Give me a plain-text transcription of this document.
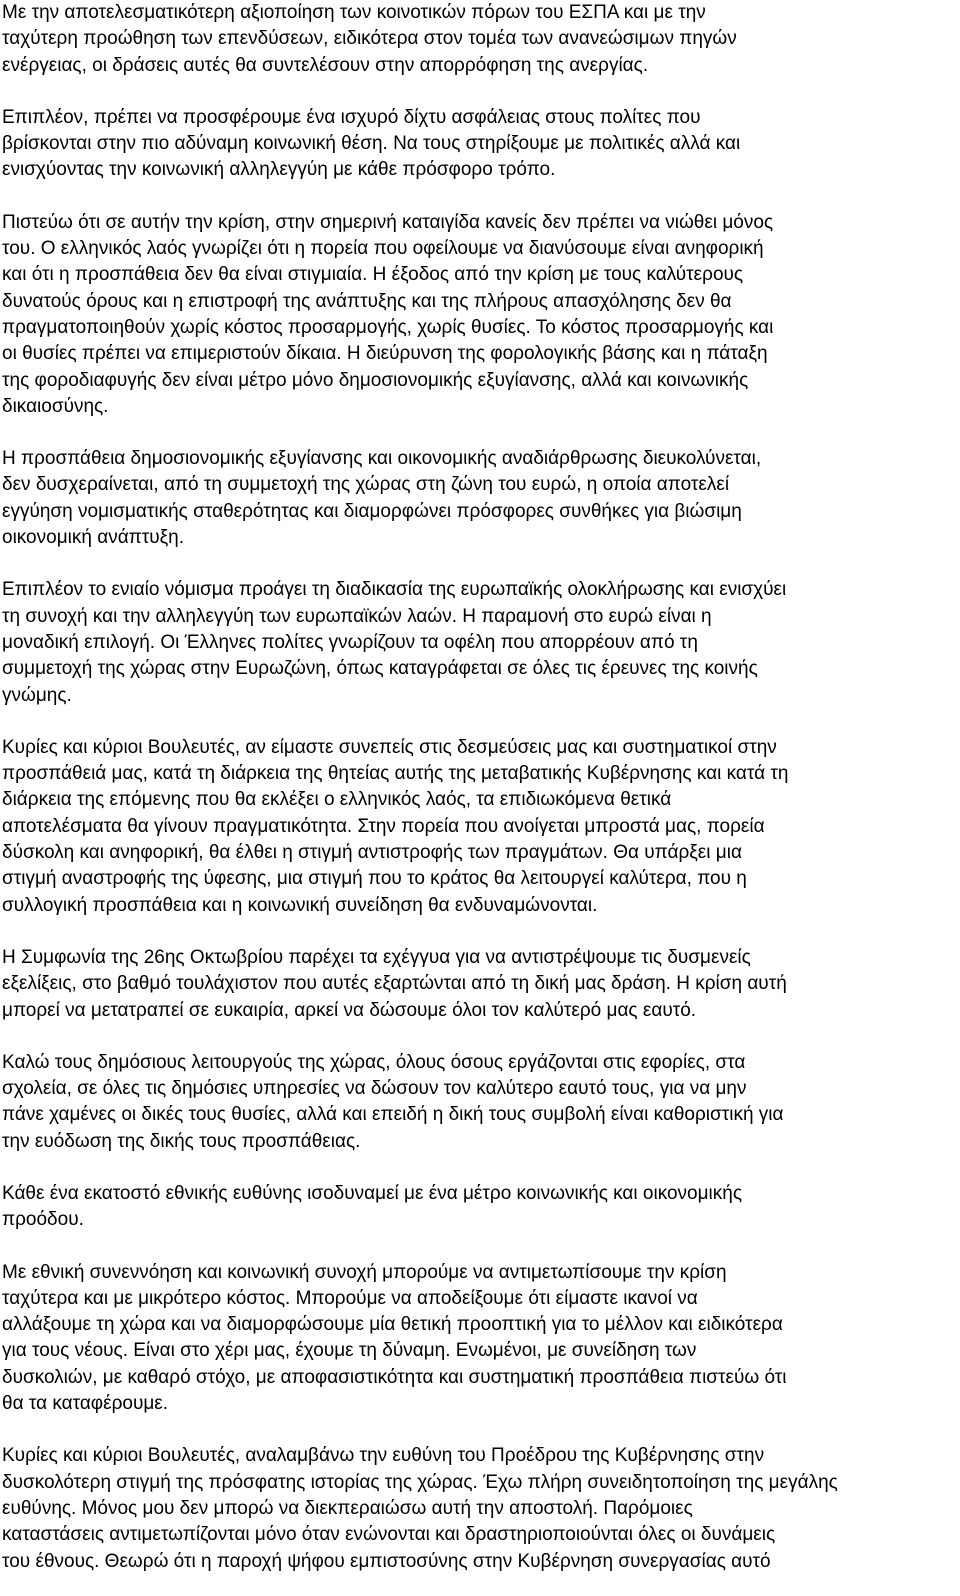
Με την αποτελεσματικότερη αξιοποίηση των κοινοτικών πόρων του ΕΣΠΑ και με την
ταχύτερη προώθηση των επενδύσεων, ειδικότερα στον τομέα των ανανεώσιμων πηγών
ενέργειας, οι δράσεις αυτές θα συντελέσουν στην απορρόφηση της ανεργίας.

Επιπλέον, πρέπει να προσφέρουμε ένα ισχυρό δίχτυ ασφάλειας στους πολίτες που
βρίσκονται στην πιο αδύναμη κοινωνική θέση. Να τους στηρίξουμε με πολιτικές αλλά και
ενισχύοντας την κοινωνική αλληλεγγύη με κάθε πρόσφορο τρόπο.

Πιστεύω ότι σε αυτήν την κρίση, στην σημερινή καταιγίδα κανείς δεν πρέπει να νιώθει μόνος
του. Ο ελληνικός λαός γνωρίζει ότι η πορεία που οφείλουμε να διανύσουμε είναι ανηφορική
και ότι η προσπάθεια δεν θα είναι στιγμιαία. Η έξοδος από την κρίση με τους καλύτερους
δυνατούς όρους και η επιστροφή της ανάπτυξης και της πλήρους απασχόλησης δεν θα
πραγματοποιηθούν χωρίς κόστος προσαρμογής, χωρίς θυσίες. Το κόστος προσαρμογής και
οι θυσίες πρέπει να επιμεριστούν δίκαια. Η διεύρυνση της φορολογικής βάσης και η πάταξη
της φοροδιαφυγής δεν είναι μέτρο μόνο δημοσιονομικής εξυγίανσης, αλλά και κοινωνικής
δικαιοσύνης.

Η προσπάθεια δημοσιονομικής εξυγίανσης και οικονομικής αναδιάρθρωσης διευκολύνεται,
δεν δυσχεραίνεται, από τη συμμετοχή της χώρας στη ζώνη του ευρώ, η οποία αποτελεί
εγγύηση νομισματικής σταθερότητας και διαμορφώνει πρόσφορες συνθήκες για βιώσιμη
οικονομική ανάπτυξη.

Επιπλέον το ενιαίο νόμισμα προάγει τη διαδικασία της ευρωπαϊκής ολοκλήρωσης και ενισχύει
τη συνοχή και την αλληλεγγύη των ευρωπαϊκών λαών. Η παραμονή στο ευρώ είναι η
μοναδική επιλογή. Οι Έλληνες πολίτες γνωρίζουν τα οφέλη που απορρέουν από τη
συμμετοχή της χώρας στην Ευρωζώνη, όπως καταγράφεται σε όλες τις έρευνες της κοινής
γνώμης.

Κυρίες και κύριοι Βουλευτές, αν είμαστε συνεπείς στις δεσμεύσεις μας και συστηματικοί στην
προσπάθειά μας, κατά τη διάρκεια της θητείας αυτής της μεταβατικής Κυβέρνησης και κατά τη
διάρκεια της επόμενης που θα εκλέξει ο ελληνικός λαός, τα επιδιωκόμενα θετικά
αποτελέσματα θα γίνουν πραγματικότητα. Στην πορεία που ανοίγεται μπροστά μας, πορεία
δύσκολη και ανηφορική, θα έλθει η στιγμή αντιστροφής των πραγμάτων. Θα υπάρξει μια
στιγμή αναστροφής της ύφεσης, μια στιγμή που το κράτος θα λειτουργεί καλύτερα, που η
συλλογική προσπάθεια και η κοινωνική συνείδηση θα ενδυναμώνονται.

Η Συμφωνία της 26ης Οκτωβρίου παρέχει τα εχέγγυα για να αντιστρέψουμε τις δυσμενείς
εξελίξεις, στο βαθμό τουλάχιστον που αυτές εξαρτώνται από τη δική μας δράση. Η κρίση αυτή
μπορεί να μετατραπεί σε ευκαιρία, αρκεί να δώσουμε όλοι τον καλύτερό μας εαυτό.

Καλώ τους δημόσιους λειτουργούς της χώρας, όλους όσους εργάζονται στις εφορίες, στα
σχολεία, σε όλες τις δημόσιες υπηρεσίες να δώσουν τον καλύτερο εαυτό τους, για να μην
πάνε χαμένες οι δικές τους θυσίες, αλλά και επειδή η δική τους συμβολή είναι καθοριστική για
την ευόδωση της δικής τους προσπάθειας.

Κάθε ένα εκατοστό εθνικής ευθύνης ισοδυναμεί με ένα μέτρο κοινωνικής και οικονομικής
προόδου.

Με εθνική συνεννόηση και κοινωνική συνοχή μπορούμε να αντιμετωπίσουμε την κρίση
ταχύτερα και με μικρότερο κόστος. Μπορούμε να αποδείξουμε ότι είμαστε ικανοί να
αλλάξουμε τη χώρα και να διαμορφώσουμε μία θετική προοπτική για το μέλλον και ειδικότερα
για τους νέους. Είναι στο χέρι μας, έχουμε τη δύναμη. Ενωμένοι, με συνείδηση των
δυσκολιών, με καθαρό στόχο, με αποφασιστικότητα και συστηματική προσπάθεια πιστεύω ότι
θα τα καταφέρουμε.

Κυρίες και κύριοι Βουλευτές, αναλαμβάνω την ευθύνη του Προέδρου της Κυβέρνησης στην
δυσκολότερη στιγμή της πρόσφατης ιστορίας της χώρας. Έχω πλήρη συνειδητοποίηση της μεγάλης
ευθύνης. Μόνος μου δεν μπορώ να διεκπεραιώσω αυτή την αποστολή. Παρόμοιες
καταστάσεις αντιμετωπίζονται μόνο όταν ενώνονται και δραστηριοποιούνται όλες οι δυνάμεις
του έθνους. Θεωρώ ότι η παροχή ψήφου εμπιστοσύνης στην Κυβέρνηση συνεργασίας αυτό
